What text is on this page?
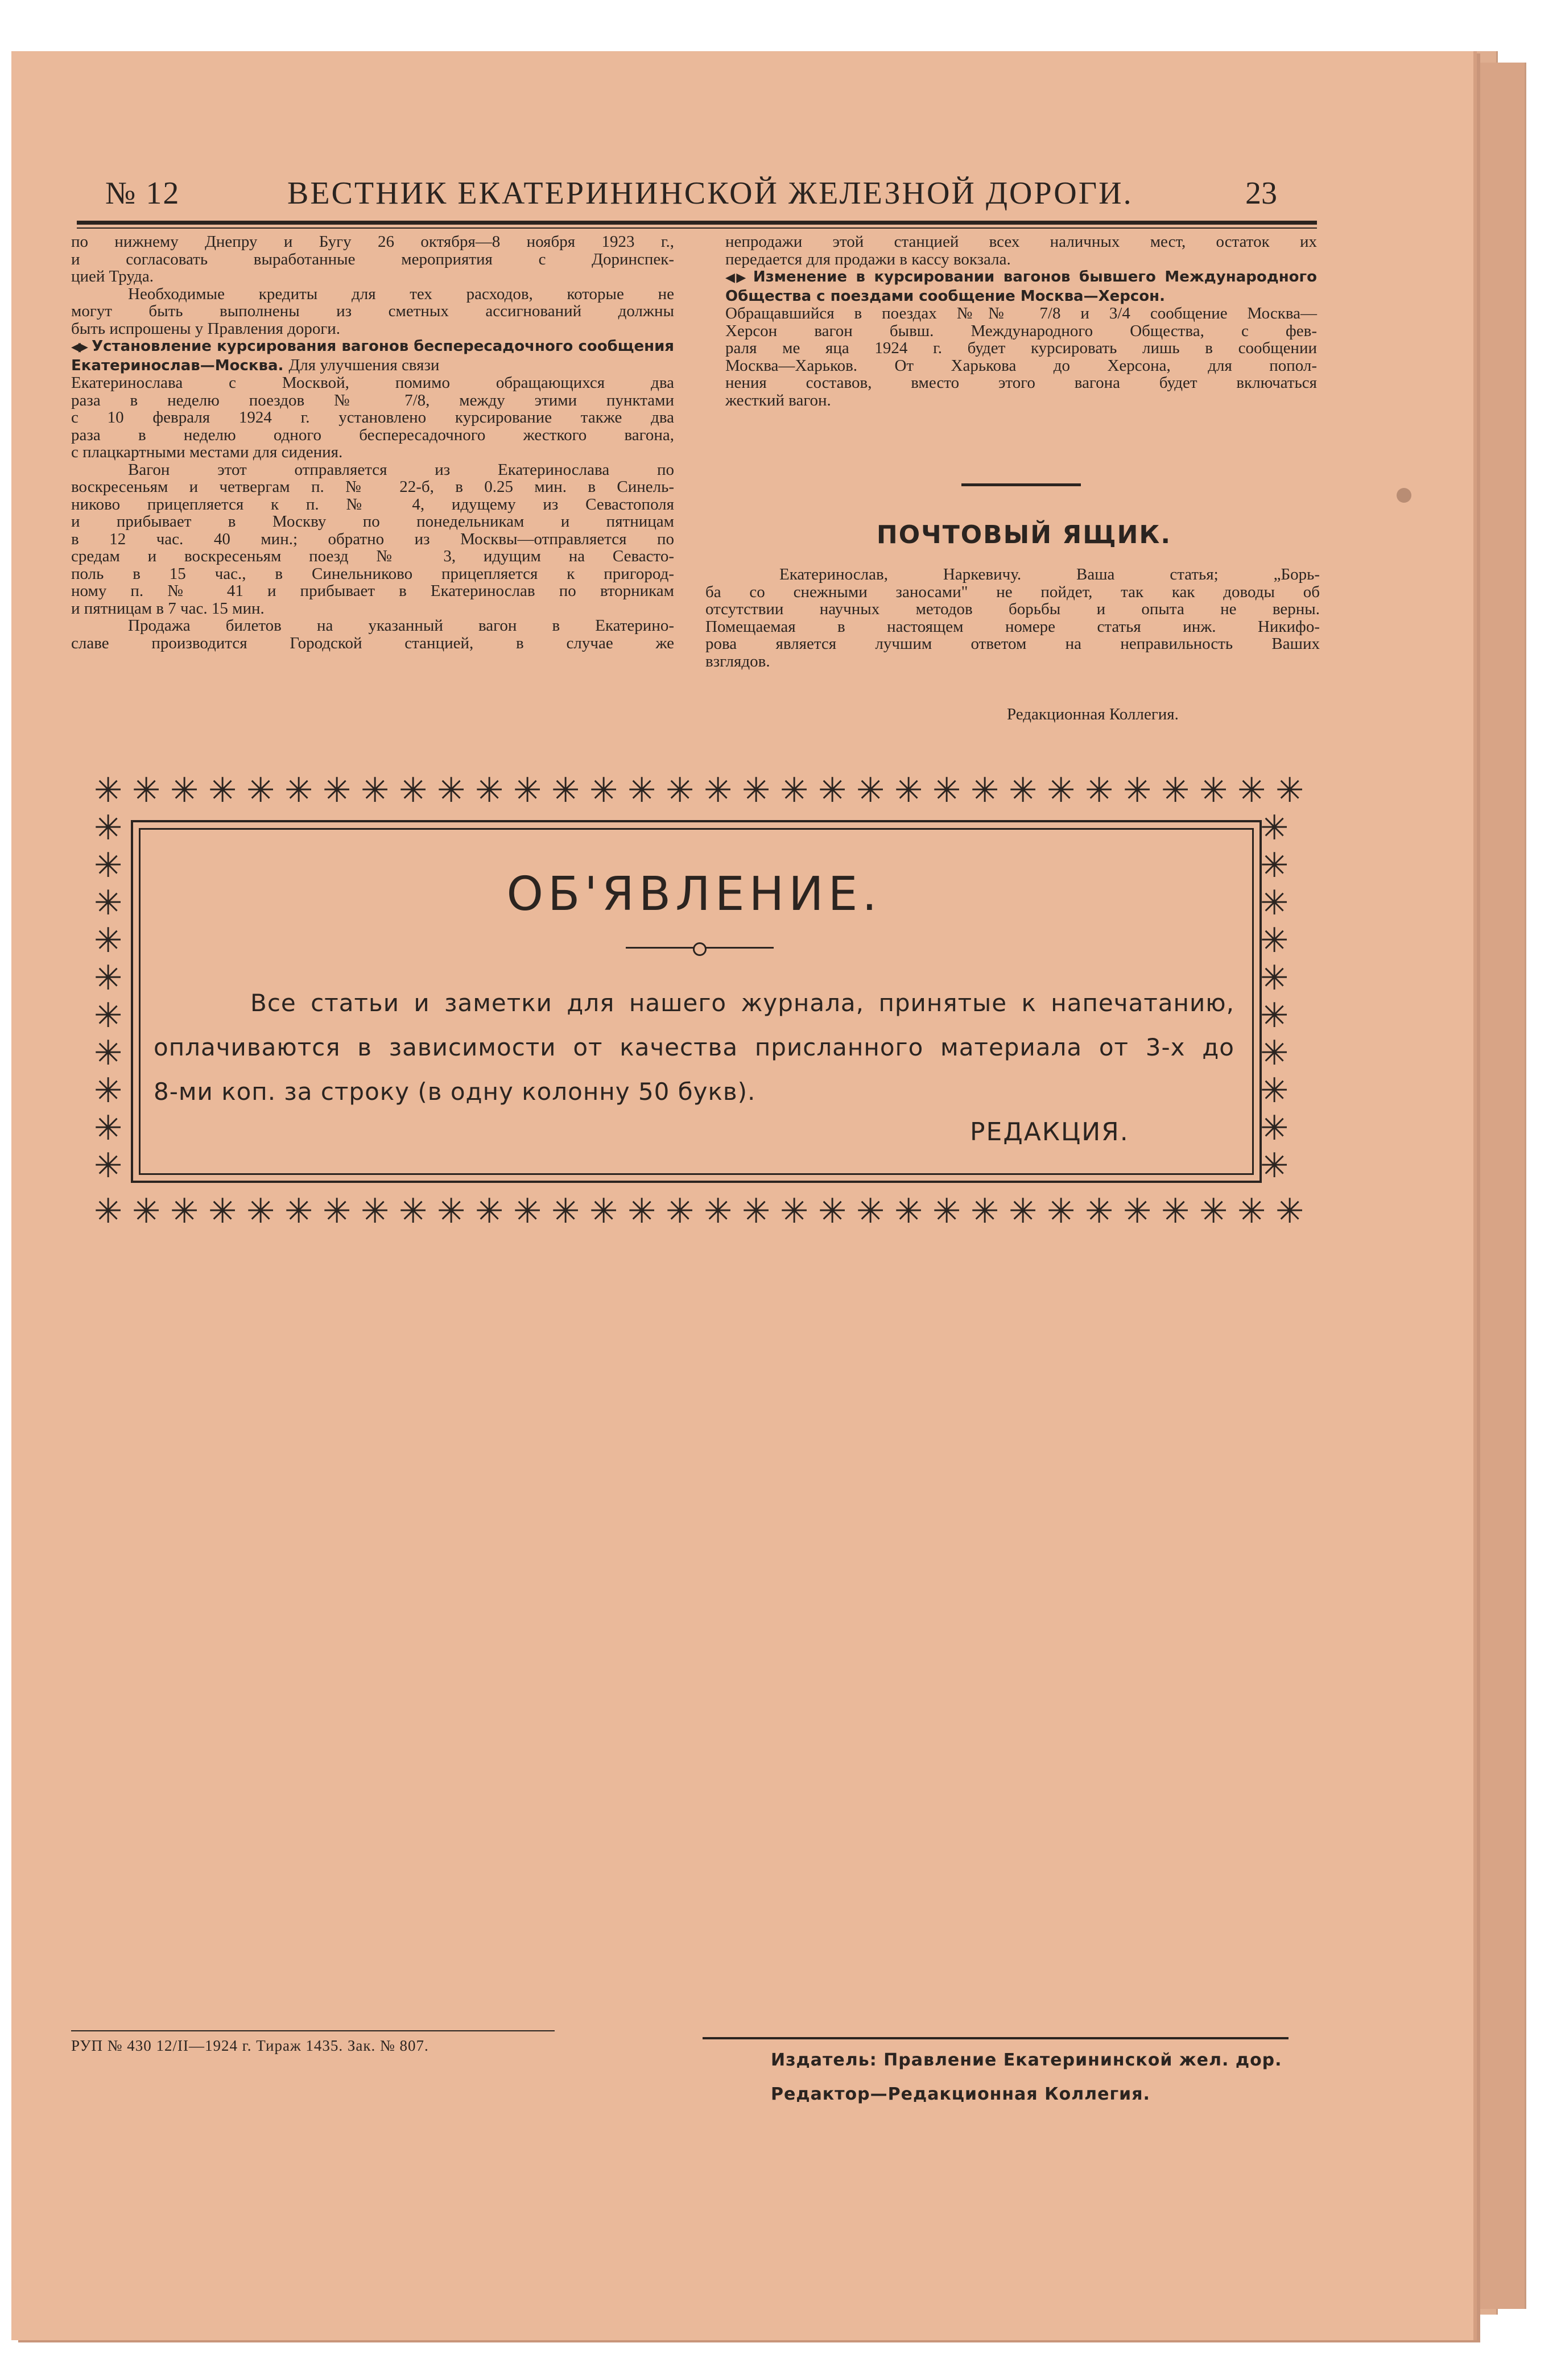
№ 12	ВЕСТНИК ЕКАТЕРИНИНСКОЙ ЖЕЛЕЗНОЙ ДОРОГИ.	23

по нижнему Днепру и Бугу 26 октября—8 ноября 1923 г.,
и согласовать выработанные мероприятия с Доринспек-
цией Труда.

Необходимые кредиты для тех расходов, которые не
могут быть выполнены из сметных ассигнований должны
быть испрошены у Правления дороги.

◀▶ Установление курсирования вагонов беспересадочного сообщения Екатеринослав—Москва. Для улучшения связи
Екатеринослава с Москвой, помимо обращающихся два
раза в неделю поездов № 7/8, между этими пунктами
с 10 февраля 1924 г. установлено курсирование также два
раза в неделю одного беспересадочного жесткого вагона,
с плацкартными местами для сидения.

Вагон этот отправляется из Екатеринослава по
воскресеньям и четвергам п. № 22-б, в 0.25 мин. в Синель-
никово прицепляется к п. № 4, идущему из Севастополя
и прибывает в Москву по понедельникам и пятницам
в 12 час. 40 мин.; обратно из Москвы—отправляется по
средам и воскресеньям поезд № 3, идущим на Севасто-
поль в 15 час., в Синельниково прицепляется к пригород-
ному п. № 41 и прибывает в Екатеринослав по вторникам
и пятницам в 7 час. 15 мин.

Продажа билетов на указанный вагон в Екатерино-
славе производится Городской станцией, в случае же

непродажи этой станцией всех наличных мест, остаток их
передается для продажи в кассу вокзала.

◀▶ Изменение в курсировании вагонов бывшего Международного Общества с поездами сообщение Москва—Херсон.
Обращавшийся в поездах №№ 7/8 и 3/4 сообщение Москва—
Херсон вагон бывш. Международного Общества, с фев-
раля ме яца 1924 г. будет курсировать лишь в сообщении
Москва—Харьков. От Харькова до Херсона, для попол-
нения составов, вместо этого вагона будет включаться
жесткий вагон.

ПОЧТОВЫЙ ЯЩИК.
Екатеринослав, Наркевичу. Ваша статья; „Борь-
ба со снежными заносами" не пойдет, так как доводы об
отсутствии научных методов борьбы и опыта не верны.
Помещаемая в настоящем номере статья инж. Никифо-
рова является лучшим ответом на неправильность Ваших
взглядов.
Редакционная Коллегия.
✳
✳
✳
✳
✳
✳
✳
✳
✳
✳
✳
✳
✳
✳
✳
✳
✳
✳
✳
✳
✳
✳
✳
✳
✳
✳
✳
✳
✳
✳
✳
✳
✳
✳
✳
✳
✳
✳
✳
✳
✳
✳
✳
✳
✳
✳
✳
✳
✳
✳
✳
✳
✳
✳
✳
✳
✳
✳
✳
✳
✳
✳
✳
✳
✳	✳
✳	✳
✳	✳
✳	✳
✳	✳
✳	✳
✳	✳
✳	✳
✳	✳
✳	✳
ОБ'ЯВЛЕНИЕ.
Все статьи и заметки для нашего журнала, принятые к напечатанию,
оплачиваются в зависимости от качества присланного материала от 3-х до
8-ми коп. за строку (в одну колонну 50 букв).
РЕДАКЦИЯ.
РУП № 430 12/II—1924 г. Тираж 1435. Зак. № 807.
Издатель: Правление Екатерининской жел. дор.
Редактор—Редакционная Коллегия.
